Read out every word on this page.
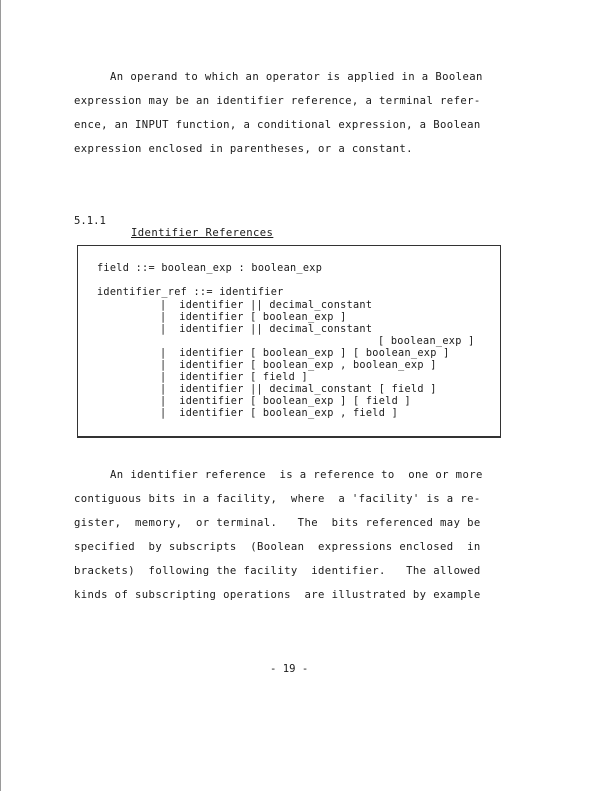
An operand to which an operator is applied in a Boolean
expression may be an identifier reference, a terminal refer-
ence, an INPUT function, a conditional expression, a Boolean
expression enclosed in parentheses, or a constant.

5.1.1

Identifier References

field ::= boolean_exp : boolean_exp
identifier_ref ::= identifier
|  identifier || decimal_constant
|  identifier [ boolean_exp ]
|  identifier || decimal_constant
[ boolean_exp ]
|  identifier [ boolean_exp ] [ boolean_exp ]
|  identifier [ boolean_exp , boolean_exp ]
|  identifier [ field ]
|  identifier || decimal_constant [ field ]
|  identifier [ boolean_exp ] [ field ]
|  identifier [ boolean_exp , field ]
An identifier reference  is a reference to  one or more
contiguous bits in a facility,  where  a 'facility' is a re-
gister,  memory,  or terminal.   The  bits referenced may be
specified  by subscripts  (Boolean  expressions enclosed  in
brackets)  following the facility  identifier.   The allowed
kinds of subscripting operations  are illustrated by example
- 19 -
